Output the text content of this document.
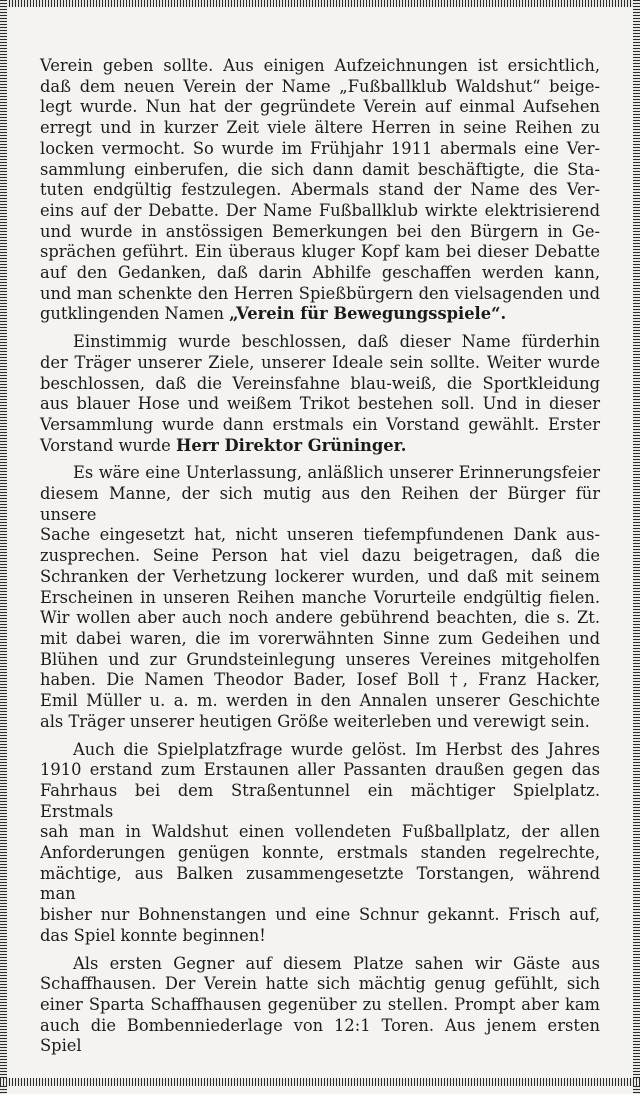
Verein geben sollte. Aus einigen Aufzeichnungen ist ersichtlich,
daß dem neuen Verein der Name „Fußballklub Waldshut“ beige-
legt wurde. Nun hat der gegründete Verein auf einmal Aufsehen
erregt und in kurzer Zeit viele ältere Herren in seine Reihen zu
locken vermocht. So wurde im Frühjahr 1911 abermals eine Ver-
sammlung einberufen, die sich dann damit beschäftigte, die Sta-
tuten endgültig festzulegen. Abermals stand der Name des Ver-
eins auf der Debatte. Der Name Fußballklub wirkte elektrisierend
und wurde in anstössigen Bemerkungen bei den Bürgern in Ge-
sprächen geführt. Ein überaus kluger Kopf kam bei dieser Debatte
auf den Gedanken, daß darin Abhilfe geschaffen werden kann,
und man schenkte den Herren Spießbürgern den vielsagenden und
gutklingenden Namen „Verein für Bewegungsspiele“.

Einstimmig wurde beschlossen, daß dieser Name fürderhin
der Träger unserer Ziele, unserer Ideale sein sollte. Weiter wurde
beschlossen, daß die Vereinsfahne blau-weiß, die Sportkleidung
aus blauer Hose und weißem Trikot bestehen soll. Und in dieser
Versammlung wurde dann erstmals ein Vorstand gewählt. Erster
Vorstand wurde Herr Direktor Grüninger.

Es wäre eine Unterlassung, anläßlich unserer Erinnerungsfeier
diesem Manne, der sich mutig aus den Reihen der Bürger für unsere
Sache eingesetzt hat, nicht unseren tiefempfundenen Dank aus-
zusprechen. Seine Person hat viel dazu beigetragen, daß die
Schranken der Verhetzung lockerer wurden, und daß mit seinem
Erscheinen in unseren Reihen manche Vorurteile endgültig fielen.
Wir wollen aber auch noch andere gebührend beachten, die s. Zt.
mit dabei waren, die im vorerwähnten Sinne zum Gedeihen und
Blühen und zur Grundsteinlegung unseres Vereines mitgeholfen
haben. Die Namen Theodor Bader, Iosef Boll †, Franz Hacker,
Emil Müller u. a. m. werden in den Annalen unserer Geschichte
als Träger unserer heutigen Größe weiterleben und verewigt sein.

Auch die Spielplatzfrage wurde gelöst. Im Herbst des Jahres
1910 erstand zum Erstaunen aller Passanten draußen gegen das
Fahrhaus bei dem Straßentunnel ein mächtiger Spielplatz. Erstmals
sah man in Waldshut einen vollendeten Fußballplatz, der allen
Anforderungen genügen konnte, erstmals standen regelrechte,
mächtige, aus Balken zusammengesetzte Torstangen, während man
bisher nur Bohnenstangen und eine Schnur gekannt. Frisch auf,
das Spiel konnte beginnen!

Als ersten Gegner auf diesem Platze sahen wir Gäste aus
Schaffhausen. Der Verein hatte sich mächtig genug gefühlt, sich
einer Sparta Schaffhausen gegenüber zu stellen. Prompt aber kam
auch die Bombenniederlage von 12:1 Toren. Aus jenem ersten Spiel
